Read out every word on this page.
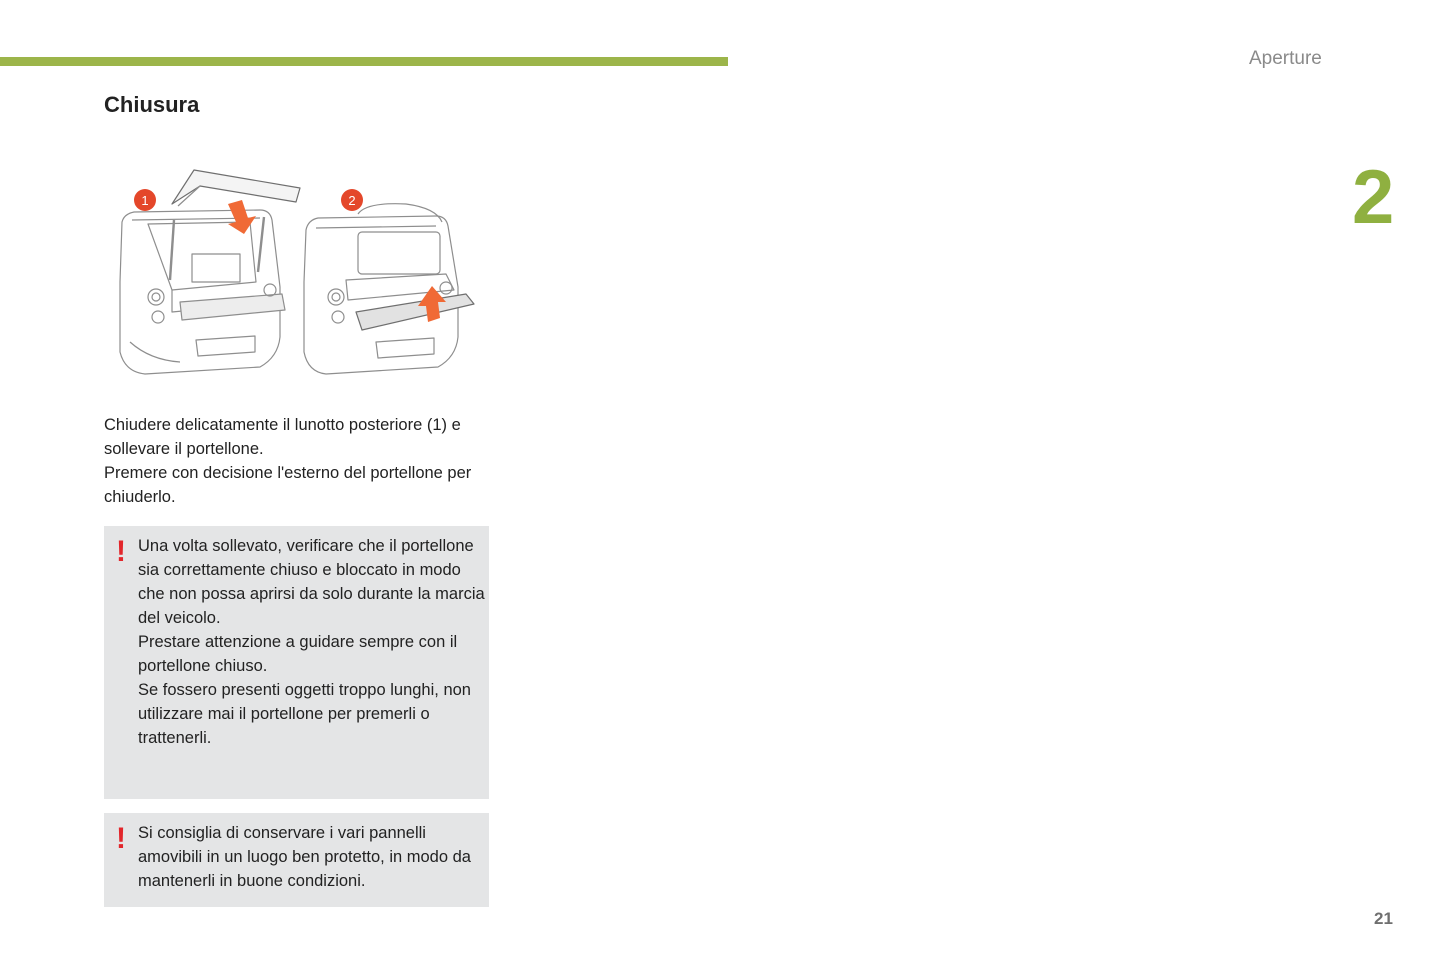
Aperture
2
Chiusura
1	2

Chiudere delicatamente il lunotto posteriore (1) e sollevare il portellone.

Premere con decisione l'esterno del portellone per chiuderlo.

! Una volta sollevato, verificare che il portellone sia correttamente chiuso e bloccato in modo che non possa aprirsi da solo durante la marcia del veicolo.

Prestare attenzione a guidare sempre con il portellone chiuso.

Se fossero presenti oggetti troppo lunghi, non utilizzare mai il portellone per premerli o trattenerli.

! Si consiglia di conservare i vari pannelli amovibili in un luogo ben protetto, in modo da mantenerli in buone condizioni.

21
